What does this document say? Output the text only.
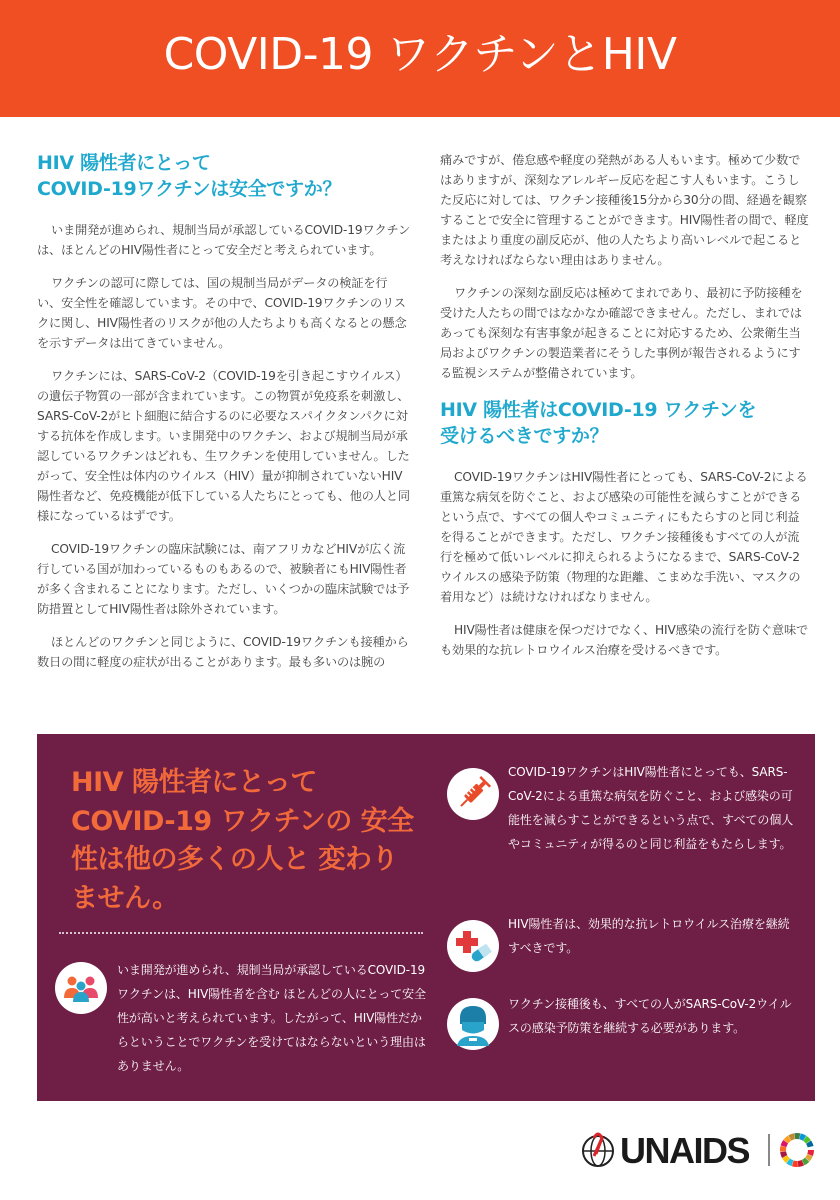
COVID-19 ワクチンとHIV
HIV 陽性者にとって
COVID-19ワクチンは安全ですか？

いま開発が進められ、規制当局が承認しているCOVID-19ワクチンは、ほとんどのHIV陽性者にとって安全だと考えられています。

ワクチンの認可に際しては、国の規制当局がデータの検証を行い、安全性を確認しています。その中で、COVID-19ワクチンのリスクに関し、HIV陽性者のリスクが他の人たちよりも高くなるとの懸念を示すデータは出てきていません。

ワクチンには、SARS-CoV-2（COVID-19を引き起こすウイルス）の遺伝子物質の一部が含まれています。この物質が免疫系を刺激し、SARS-CoV-2がヒト細胞に結合するのに必要なスパイクタンパクに対する抗体を作成します。いま開発中のワクチン、および規制当局が承認しているワクチンはどれも、生ワクチンを使用していません。したがって、安全性は体内のウイルス（HIV）量が抑制されていないHIV陽性者など、免疫機能が低下している人たちにとっても、他の人と同様になっているはずです。

COVID-19ワクチンの臨床試験には、南アフリカなどHIVが広く流行している国が加わっているものもあるので、被験者にもHIV陽性者が多く含まれることになります。ただし、いくつかの臨床試験では予防措置としてHIV陽性者は除外されています。

ほとんどのワクチンと同じように、COVID-19ワクチンも接種から数日の間に軽度の症状が出ることがあります。最も多いのは腕の

痛みですが、倦怠感や軽度の発熱がある人もいます。極めて少数ではありますが、深刻なアレルギー反応を起こす人もいます。こうした反応に対しては、ワクチン接種後15分から30分の間、経過を観察することで安全に管理することができます。HIV陽性者の間で、軽度またはより重度の副反応が、他の人たちより高いレベルで起こると考えなければならない理由はありません。

ワクチンの深刻な副反応は極めてまれであり、最初に予防接種を受けた人たちの間ではなかなか確認できません。ただし、まれではあっても深刻な有害事象が起きることに対応するため、公衆衛生当局およびワクチンの製造業者にそうした事例が報告されるようにする監視システムが整備されています。

HIV 陽性者はCOVID-19 ワクチンを
受けるべきですか？

COVID-19ワクチンはHIV陽性者にとっても、SARS-CoV-2による重篤な病気を防ぐこと、および感染の可能性を減らすことができるという点で、すべての個人やコミュニティにもたらすのと同じ利益を得ることができます。ただし、ワクチン接種後もすべての人が流行を極めて低いレベルに抑えられるようになるまで、SARS-CoV-2ウイルスの感染予防策（物理的な距離、こまめな手洗い、マスクの着用など）は続けなければなりません。

HIV陽性者は健康を保つだけでなく、HIV感染の流行を防ぐ意味でも効果的な抗レトロウイルス治療を受けるべきです。

HIV 陽性者にとって COVID-19 ワクチンの 安全性は他の多くの人と 変わりません。
いま開発が進められ、規制当局が承認しているCOVID-19ワクチンは、HIV陽性者を含む ほとんどの人にとって安全性が高いと考えられています。したがって、HIV陽性だからということでワクチンを受けてはならないという理由はありません。
COVID-19ワクチンはHIV陽性者にとっても、SARS-CoV-2による重篤な病気を防ぐこと、および感染の可能性を減らすことができるという点で、すべての個人やコミュニティが得るのと同じ利益をもたらします。
HIV陽性者は、効果的な抗レトロウイルス治療を継続すべきです。
ワクチン接種後も、すべての人がSARS-CoV-2ウイルスの感染予防策を継続する必要があります。
UNAIDS
